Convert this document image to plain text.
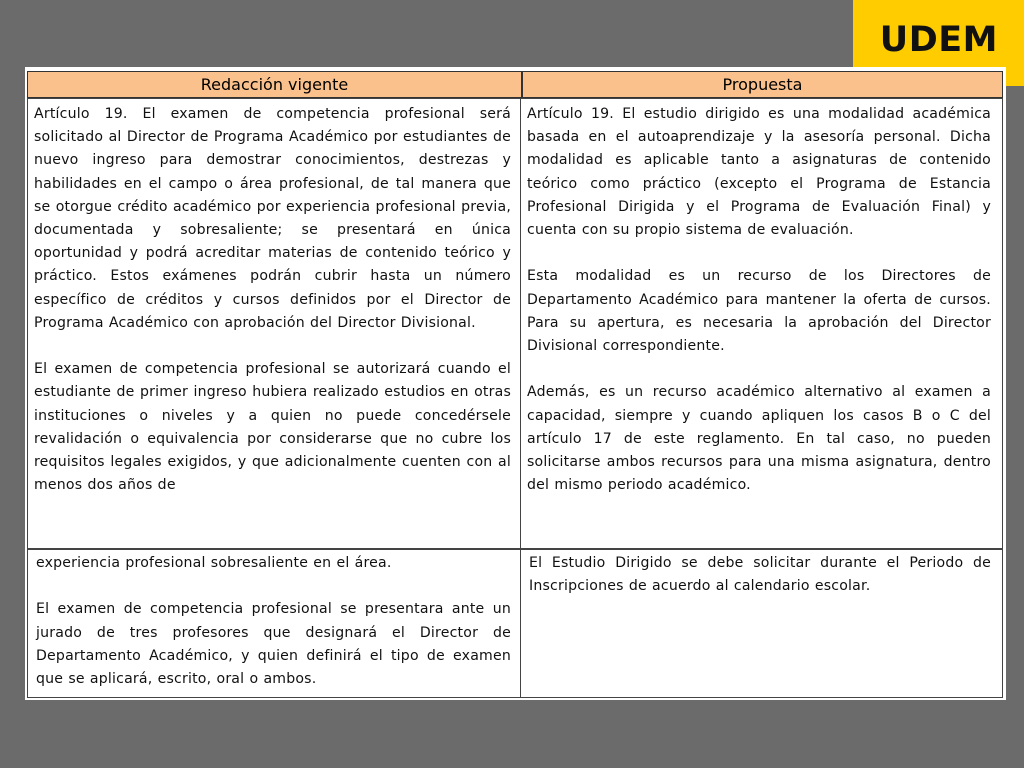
UDEM
Redacción vigente	Propuesta

Artículo 19. El examen de competencia profesional será solicitado al Director de Programa Académico por estudiantes de nuevo ingreso para demostrar conocimientos, destrezas y habilidades en el campo o área profesional, de tal manera que se otorgue crédito académico por experiencia profesional previa, documentada y sobresaliente; se presentará en única oportunidad y podrá acreditar materias de contenido teórico y práctico. Estos exámenes podrán cubrir hasta un número específico de créditos y cursos definidos por el Director de Programa Académico con aprobación del Director Divisional.

El examen de competencia profesional se autorizará cuando el estudiante de primer ingreso hubiera realizado estudios en otras instituciones o niveles y a quien no puede concedérsele revalidación o equivalencia por considerarse que no cubre los requisitos legales exigidos, y que adicionalmente cuenten con al menos dos años de

Artículo 19. El estudio dirigido es una modalidad académica basada en el autoaprendizaje y la asesoría personal. Dicha modalidad es aplicable tanto a asignaturas de contenido teórico como práctico (excepto el Programa de Estancia Profesional Dirigida y el Programa de Evaluación Final) y cuenta con su propio sistema de evaluación.

Esta modalidad es un recurso de los Directores de Departamento Académico para mantener la oferta de cursos. Para su apertura, es necesaria la aprobación del Director Divisional correspondiente.

Además, es un recurso académico alternativo al examen a capacidad, siempre y cuando apliquen los casos B o C del artículo 17 de este reglamento. En tal caso, no pueden solicitarse ambos recursos para una misma asignatura, dentro del mismo periodo académico.

experiencia profesional sobresaliente en el área.

El examen de competencia profesional se presentara ante un jurado de tres profesores que designará el Director de Departamento Académico, y quien definirá el tipo de examen que se aplicará, escrito, oral o ambos.

El Estudio Dirigido se debe solicitar durante el Periodo de Inscripciones de acuerdo al calendario escolar.
